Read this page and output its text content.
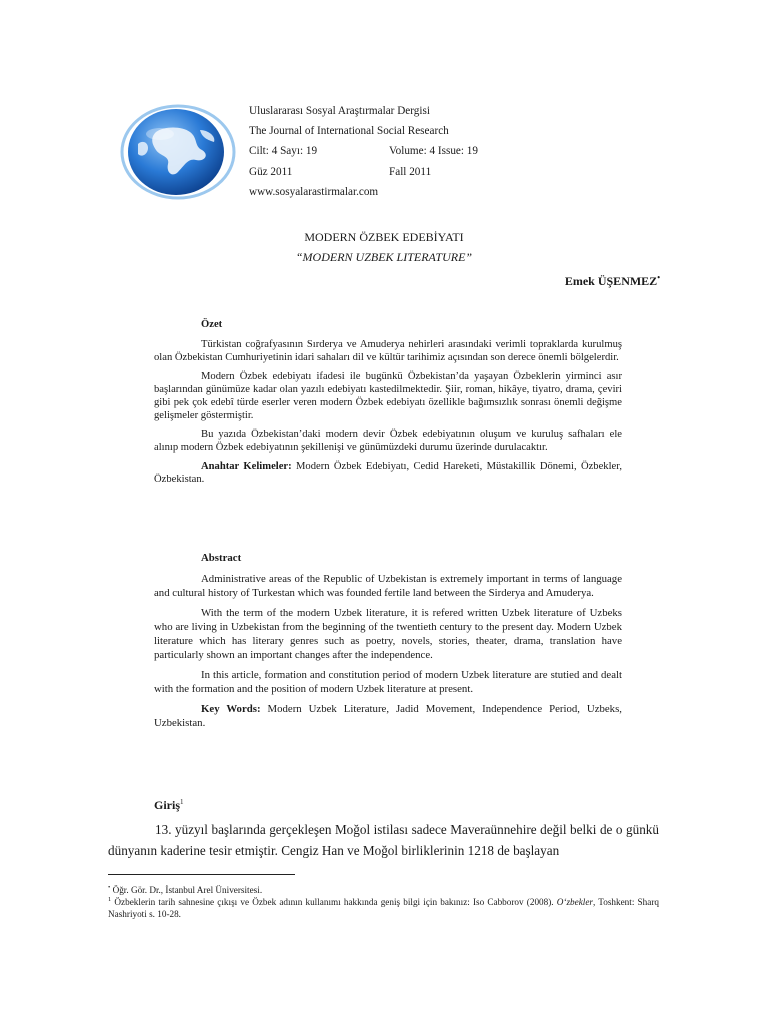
Uluslararası Sosyal Araştırmalar Dergisi
The Journal of International Social Research
Cilt: 4 Sayı: 19	Volume: 4 Issue: 19
Güz 2011	Fall 2011
www.sosyalarastirmalar.com
MODERN ÖZBEK EDEBİYATI
“MODERN UZBEK LITERATURE”
Emek ÜŞENMEZ•
Özet

Türkistan coğrafyasının Sırderya ve Amuderya nehirleri arasındaki verimli topraklarda kurulmuş olan Özbekistan Cumhuriyetinin idari sahaları dil ve kültür tarihimiz açısından son derece önemli bölgelerdir.

Modern Özbek edebiyatı ifadesi ile bugünkü Özbekistan’da yaşayan Özbeklerin yirminci asır başlarından günümüze kadar olan yazılı edebiyatı kastedilmektedir. Şiir, roman, hikâye, tiyatro, drama, çeviri gibi pek çok edebî türde eserler veren modern Özbek edebiyatı özellikle bağımsızlık sonrası önemli değişme gelişmeler göstermiştir.

Bu yazıda Özbekistan’daki modern devir Özbek edebiyatının oluşum ve kuruluş safhaları ele alınıp modern Özbek edebiyatının şekillenişi ve günümüzdeki durumu üzerinde durulacaktır.

Anahtar Kelimeler: Modern Özbek Edebiyatı, Cedid Hareketi, Müstakillik Dönemi, Özbekler, Özbekistan.

Abstract

Administrative areas of the Republic of Uzbekistan is extremely important in terms of language and cultural history of Turkestan which was founded fertile land between the Sirderya and Amuderya.

With the term of the modern Uzbek literature, it is refered written Uzbek literature of Uzbeks who are living in Uzbekistan from the beginning of the twentieth century to the present day. Modern Uzbek literature which has literary genres such as poetry, novels, stories, theater, drama, translation have particularly shown an important changes after the independence.

In this article, formation and constitution period of modern Uzbek literature are stutied and dealt with the formation and the position of modern Uzbek literature at present.

Key Words: Modern Uzbek Literature, Jadid Movement, Independence Period, Uzbeks, Uzbekistan.

Giriş$^1$

13. yüzyıl başlarında gerçekleşen Moğol istilası sadece Maveraünnehire değil belki de o günkü dünyanın kaderine tesir etmiştir. Cengiz Han ve Moğol birliklerinin 1218 de başlayan

• Öğr. Gör. Dr., İstanbul Arel Üniversitesi.
$^1$ Özbeklerin tarih sahnesine çıkışı ve Özbek adının kullanımı hakkında geniş bilgi için bakınız: Iso Cabborov (2008). O‘zbekler, Toshkent: Sharq Nashriyoti s. 10-28.
